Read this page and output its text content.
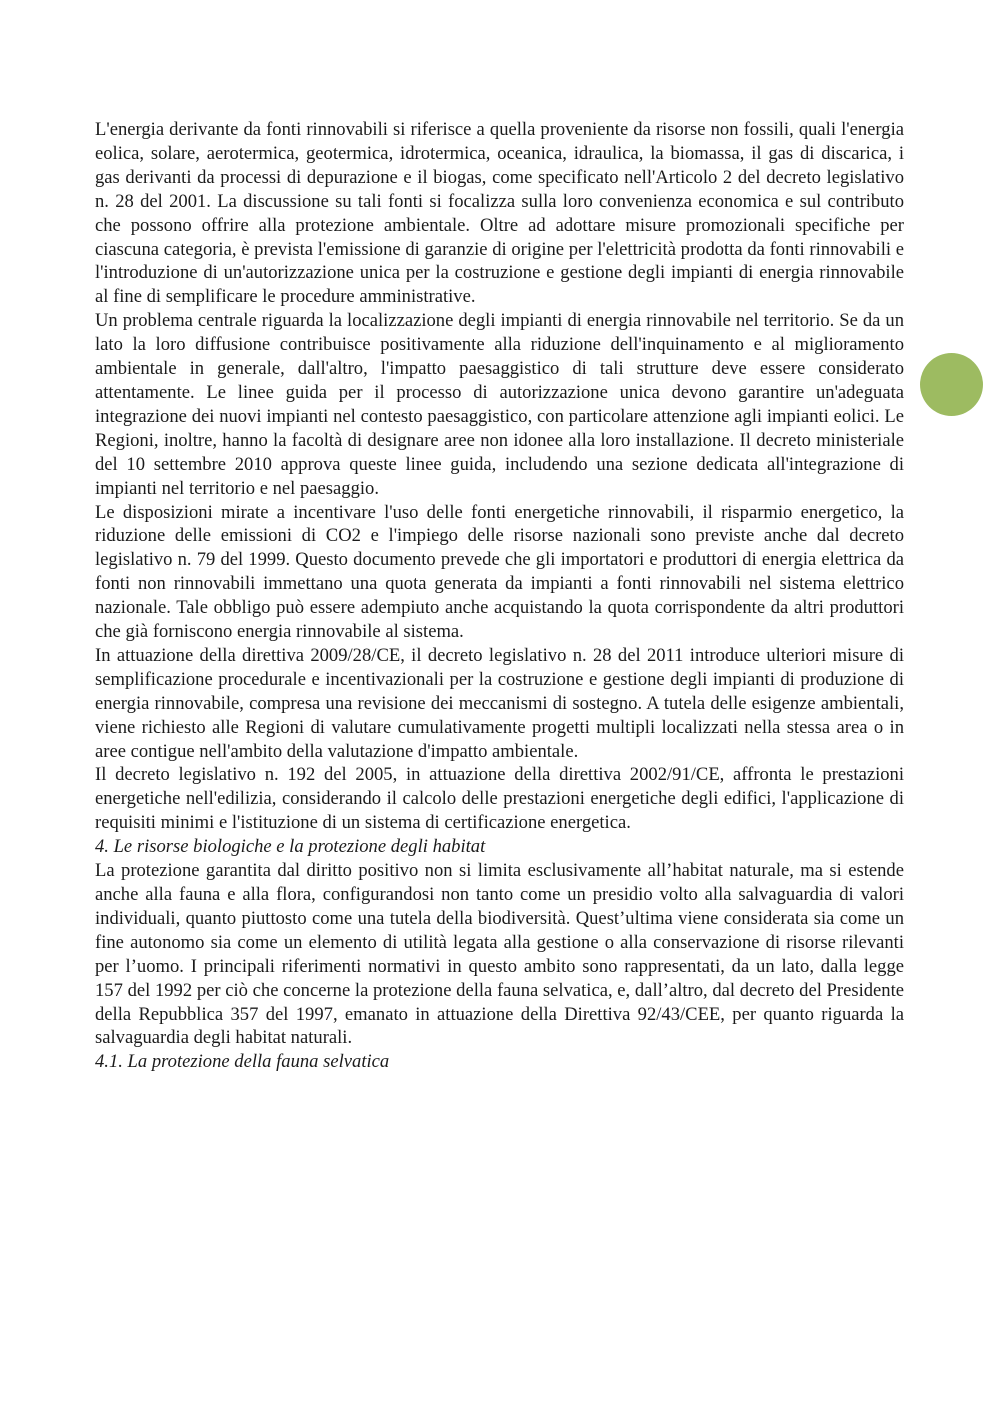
L'energia derivante da fonti rinnovabili si riferisce a quella proveniente da risorse non fossili, quali l'energia eolica, solare, aerotermica, geotermica, idrotermica, oceanica, idraulica, la biomassa, il gas di discarica, i gas derivanti da processi di depurazione e il biogas, come specificato nell'Articolo 2 del decreto legislativo n. 28 del 2001. La discussione su tali fonti si focalizza sulla loro convenienza economica e sul contributo che possono offrire alla protezione ambientale. Oltre ad adottare misure promozionali specifiche per ciascuna categoria, è prevista l'emissione di garanzie di origine per l'elettricità prodotta da fonti rinnovabili e l'introduzione di un'autorizzazione unica per la costruzione e gestione degli impianti di energia rinnovabile al fine di semplificare le procedure amministrative.

Un problema centrale riguarda la localizzazione degli impianti di energia rinnovabile nel territorio. Se da un lato la loro diffusione contribuisce positivamente alla riduzione dell'inquinamento e al miglioramento ambientale in generale, dall'altro, l'impatto paesaggistico di tali strutture deve essere considerato attentamente. Le linee guida per il processo di autorizzazione unica devono garantire un'adeguata integrazione dei nuovi impianti nel contesto paesaggistico, con particolare attenzione agli impianti eolici. Le Regioni, inoltre, hanno la facoltà di designare aree non idonee alla loro installazione. Il decreto ministeriale del 10 settembre 2010 approva queste linee guida, includendo una sezione dedicata all'integrazione di impianti nel territorio e nel paesaggio.

Le disposizioni mirate a incentivare l'uso delle fonti energetiche rinnovabili, il risparmio energetico, la riduzione delle emissioni di CO2 e l'impiego delle risorse nazionali sono previste anche dal decreto legislativo n. 79 del 1999. Questo documento prevede che gli importatori e produttori di energia elettrica da fonti non rinnovabili immettano una quota generata da impianti a fonti rinnovabili nel sistema elettrico nazionale. Tale obbligo può essere adempiuto anche acquistando la quota corrispondente da altri produttori che già forniscono energia rinnovabile al sistema.

In attuazione della direttiva 2009/28/CE, il decreto legislativo n. 28 del 2011 introduce ulteriori misure di semplificazione procedurale e incentivazionali per la costruzione e gestione degli impianti di produzione di energia rinnovabile, compresa una revisione dei meccanismi di sostegno. A tutela delle esigenze ambientali, viene richiesto alle Regioni di valutare cumulativamente progetti multipli localizzati nella stessa area o in aree contigue nell'ambito della valutazione d'impatto ambientale.

Il decreto legislativo n. 192 del 2005, in attuazione della direttiva 2002/91/CE, affronta le prestazioni energetiche nell'edilizia, considerando il calcolo delle prestazioni energetiche degli edifici, l'applicazione di requisiti minimi e l'istituzione di un sistema di certificazione energetica.

4. Le risorse biologiche e la protezione degli habitat

La protezione garantita dal diritto positivo non si limita esclusivamente all’habitat naturale, ma si estende anche alla fauna e alla flora, configurandosi non tanto come un presidio volto alla salvaguardia di valori individuali, quanto piuttosto come una tutela della biodiversità. Quest’ultima viene considerata sia come un fine autonomo sia come un elemento di utilità legata alla gestione o alla conservazione di risorse rilevanti per l’uomo. I principali riferimenti normativi in questo ambito sono rappresentati, da un lato, dalla legge 157 del 1992 per ciò che concerne la protezione della fauna selvatica, e, dall’altro, dal decreto del Presidente della Repubblica 357 del 1997, emanato in attuazione della Direttiva 92/43/CEE, per quanto riguarda la salvaguardia degli habitat naturali.

4.1. La protezione della fauna selvatica
